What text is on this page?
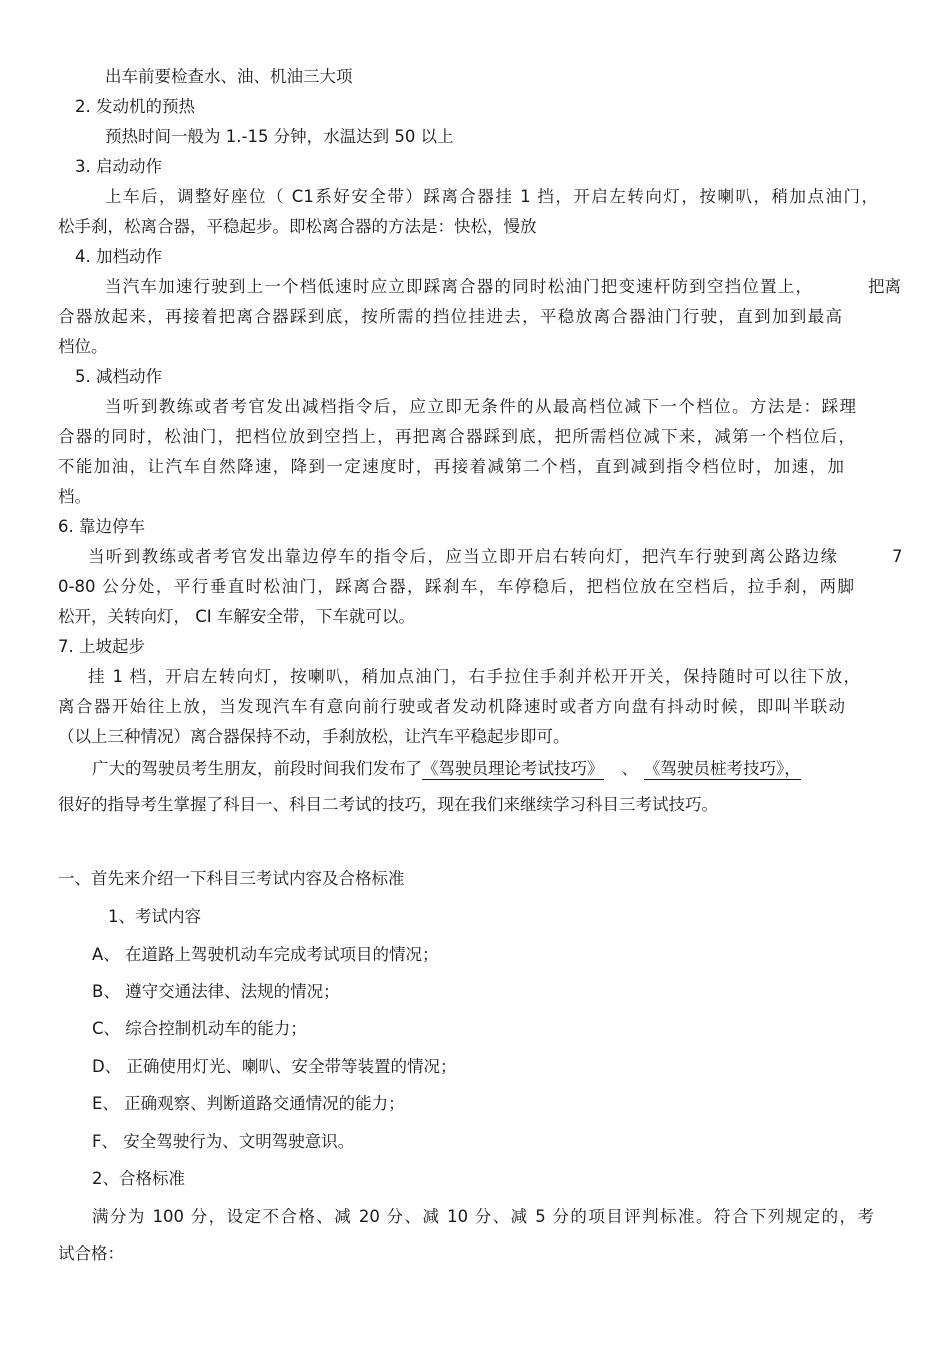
出车前要检查水、油、机油三大项
2. 发动机的预热
预热时间一般为 1.-15 分钟，水温达到 50 以上
3. 启动动作
上车后，调整好座位（ C1系好安全带）踩离合器挂 1 挡，开启左转向灯，按喇叭，稍加点油门，
松手刹，松离合器，平稳起步。即松离合器的方法是：快松，慢放
4. 加档动作
当汽车加速行驶到上一个档低速时应立即踩离合器的同时松油门把变速杆防到空挡位置上，	把离
合器放起来，再接着把离合器踩到底，按所需的挡位挂进去，平稳放离合器油门行驶，直到加到最高
档位。
5. 减档动作
当听到教练或者考官发出减档指令后，应立即无条件的从最高档位减下一个档位。方法是：踩理
合器的同时，松油门，把档位放到空挡上，再把离合器踩到底，把所需档位减下来，减第一个档位后，
不能加油，让汽车自然降速，降到一定速度时，再接着减第二个档，直到减到指令档位时，加速，加
档。
6. 靠边停车
当听到教练或者考官发出靠边停车的指令后，应当立即开启右转向灯，把汽车行驶到离公路边缘	7
0-80 公分处，平行垂直时松油门，踩离合器，踩刹车，车停稳后，把档位放在空档后，拉手刹，两脚
松开，关转向灯， CI 车解安全带，下车就可以。
7. 上坡起步
挂 1 档，开启左转向灯，按喇叭，稍加点油门，右手拉住手刹并松开开关，保持随时可以往下放，
离合器开始往上放，当发现汽车有意向前行驶或者发动机降速时或者方向盘有抖动时候，即叫半联动
（以上三种情况）离合器保持不动，手刹放松，让汽车平稳起步即可。
广大的驾驶员考生朋友，前段时间我们发布了《驾驶员理论考试技巧》 、 《驾驶员桩考技巧》，
很好的指导考生掌握了科目一、科目二考试的技巧，现在我们来继续学习科目三考试技巧。
一、首先来介绍一下科目三考试内容及合格标准
1、考试内容
A、 在道路上驾驶机动车完成考试项目的情况；
B、 遵守交通法律、法规的情况；
C、 综合控制机动车的能力；
D、 正确使用灯光、喇叭、安全带等装置的情况；
E、 正确观察、判断道路交通情况的能力；
F、 安全驾驶行为、文明驾驶意识。
2、合格标准
满分为 100 分，设定不合格、减 20 分、减 10 分、减 5 分的项目评判标准。符合下列规定的，考
试合格：
